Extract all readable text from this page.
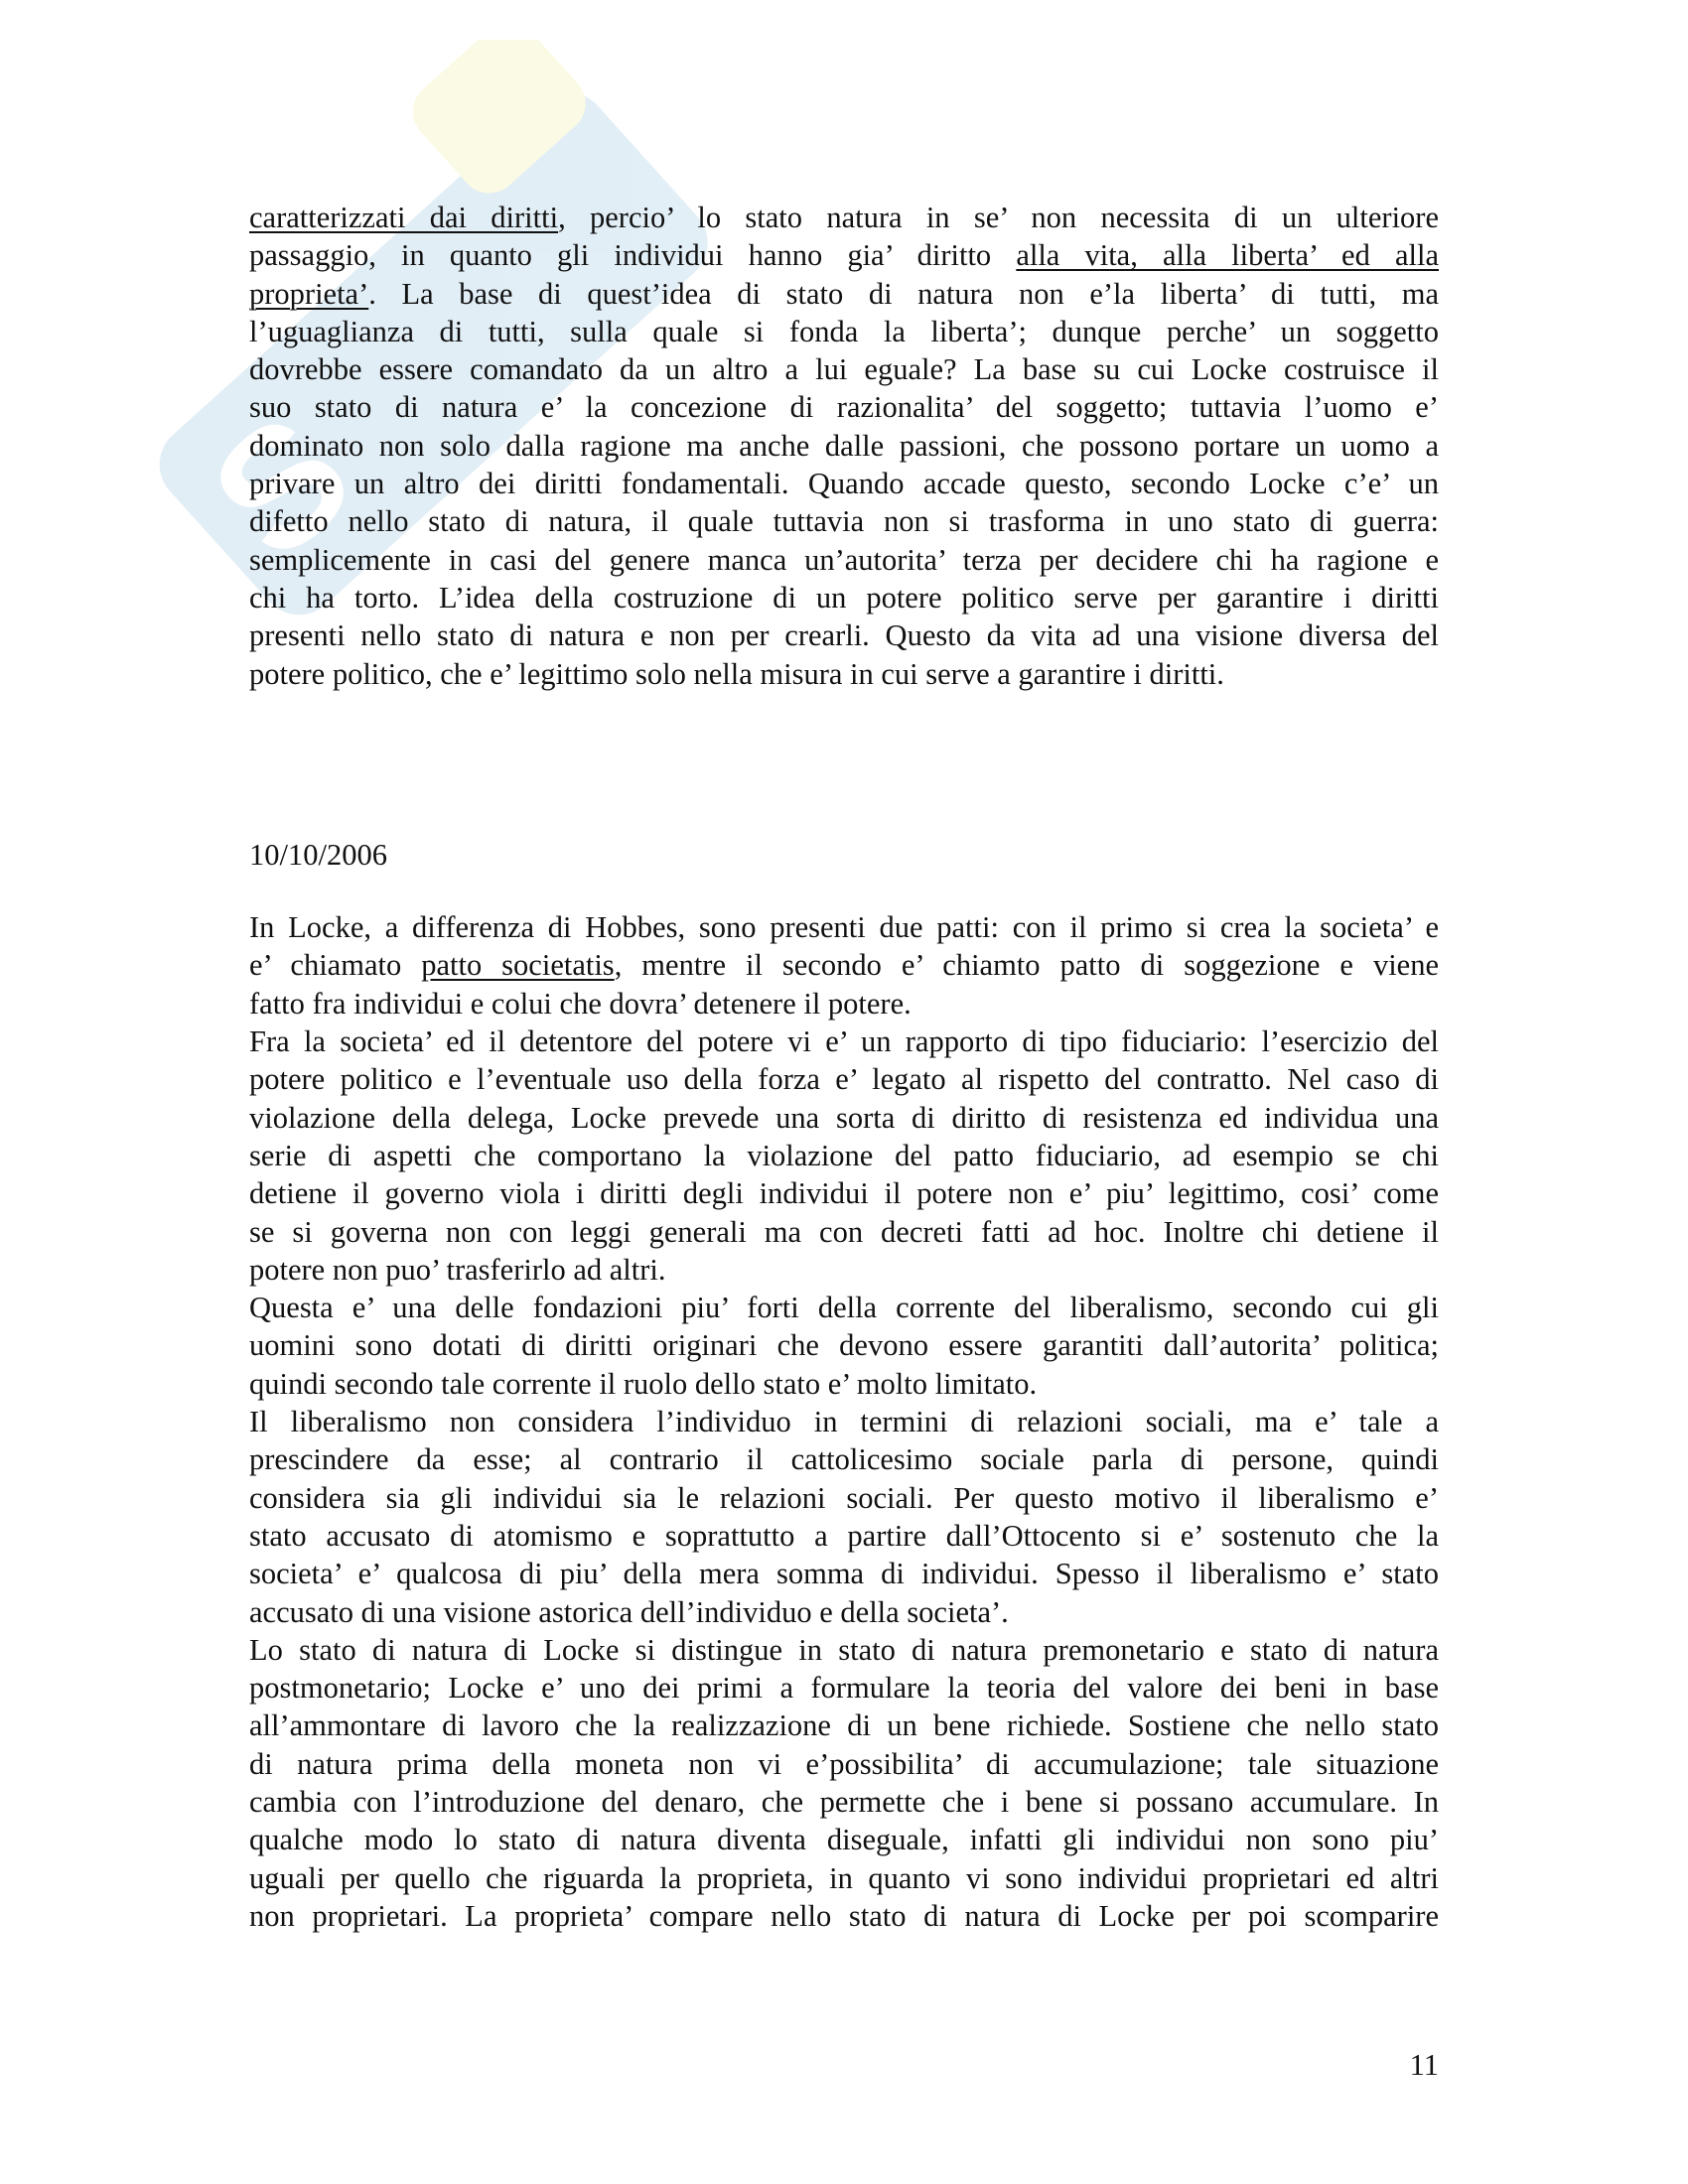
S
caratterizzati dai diritti, percio’ lo stato natura in se’ non necessita di un ulteriore
passaggio, in quanto gli individui hanno gia’ diritto alla vita, alla liberta’ ed alla
proprieta’. La base di quest’idea di stato di natura non e’la liberta’ di tutti, ma
l’uguaglianza di tutti, sulla quale si fonda la liberta’; dunque perche’ un soggetto
dovrebbe essere comandato da un altro a lui eguale? La base su cui Locke costruisce il
suo stato di natura e’ la concezione di razionalita’ del soggetto; tuttavia l’uomo e’
dominato non solo dalla ragione ma anche dalle passioni, che possono portare un uomo a
privare un altro dei diritti fondamentali. Quando accade questo, secondo Locke c’e’ un
difetto nello stato di natura, il quale tuttavia non si trasforma in uno stato di guerra:
semplicemente in casi del genere manca un’autorita’ terza per decidere chi ha ragione e
chi ha torto. L’idea della costruzione di un potere politico serve per garantire i diritti
presenti nello stato di natura e non per crearli. Questo da vita ad una visione diversa del
potere politico, che e’ legittimo solo nella misura in cui serve a garantire i diritti.
10/10/2006
In Locke, a differenza di Hobbes, sono presenti due patti: con il primo si crea la societa’ e
e’ chiamato patto societatis, mentre il secondo e’ chiamto patto di soggezione e viene
fatto fra individui e colui che dovra’ detenere il potere.
Fra la societa’ ed il detentore del potere vi e’ un rapporto di tipo fiduciario: l’esercizio del
potere politico e l’eventuale uso della forza e’ legato al rispetto del contratto. Nel caso di
violazione della delega, Locke prevede una sorta di diritto di resistenza ed individua una
serie di aspetti che comportano la violazione del patto fiduciario, ad esempio se chi
detiene il governo viola i diritti degli individui il potere non e’ piu’ legittimo, cosi’ come
se si governa non con leggi generali ma con decreti fatti ad hoc. Inoltre chi detiene il
potere non puo’ trasferirlo ad altri.
Questa e’ una delle fondazioni piu’ forti della corrente del liberalismo, secondo cui gli
uomini sono dotati di diritti originari che devono essere garantiti dall’autorita’ politica;
quindi secondo tale corrente il ruolo dello stato e’ molto limitato.
Il liberalismo non considera l’individuo in termini di relazioni sociali, ma e’ tale a
prescindere da esse; al contrario il cattolicesimo sociale parla di persone, quindi
considera sia gli individui sia le relazioni sociali. Per questo motivo il liberalismo e’
stato accusato di atomismo e soprattutto a partire dall’Ottocento si e’ sostenuto che la
societa’ e’ qualcosa di piu’ della mera somma di individui. Spesso il liberalismo e’ stato
accusato di una visione astorica dell’individuo e della societa’.
Lo stato di natura di Locke si distingue in stato di natura premonetario e stato di natura
postmonetario; Locke e’ uno dei primi a formulare la teoria del valore dei beni in base
all’ammontare di lavoro che la realizzazione di un bene richiede. Sostiene che nello stato
di natura prima della moneta non vi e’possibilita’ di accumulazione; tale situazione
cambia con l’introduzione del denaro, che permette che i bene si possano accumulare. In
qualche modo lo stato di natura diventa diseguale, infatti gli individui non sono piu’
uguali per quello che riguarda la proprieta, in quanto vi sono individui proprietari ed altri
non proprietari. La proprieta’ compare nello stato di natura di Locke per poi scomparire
11
